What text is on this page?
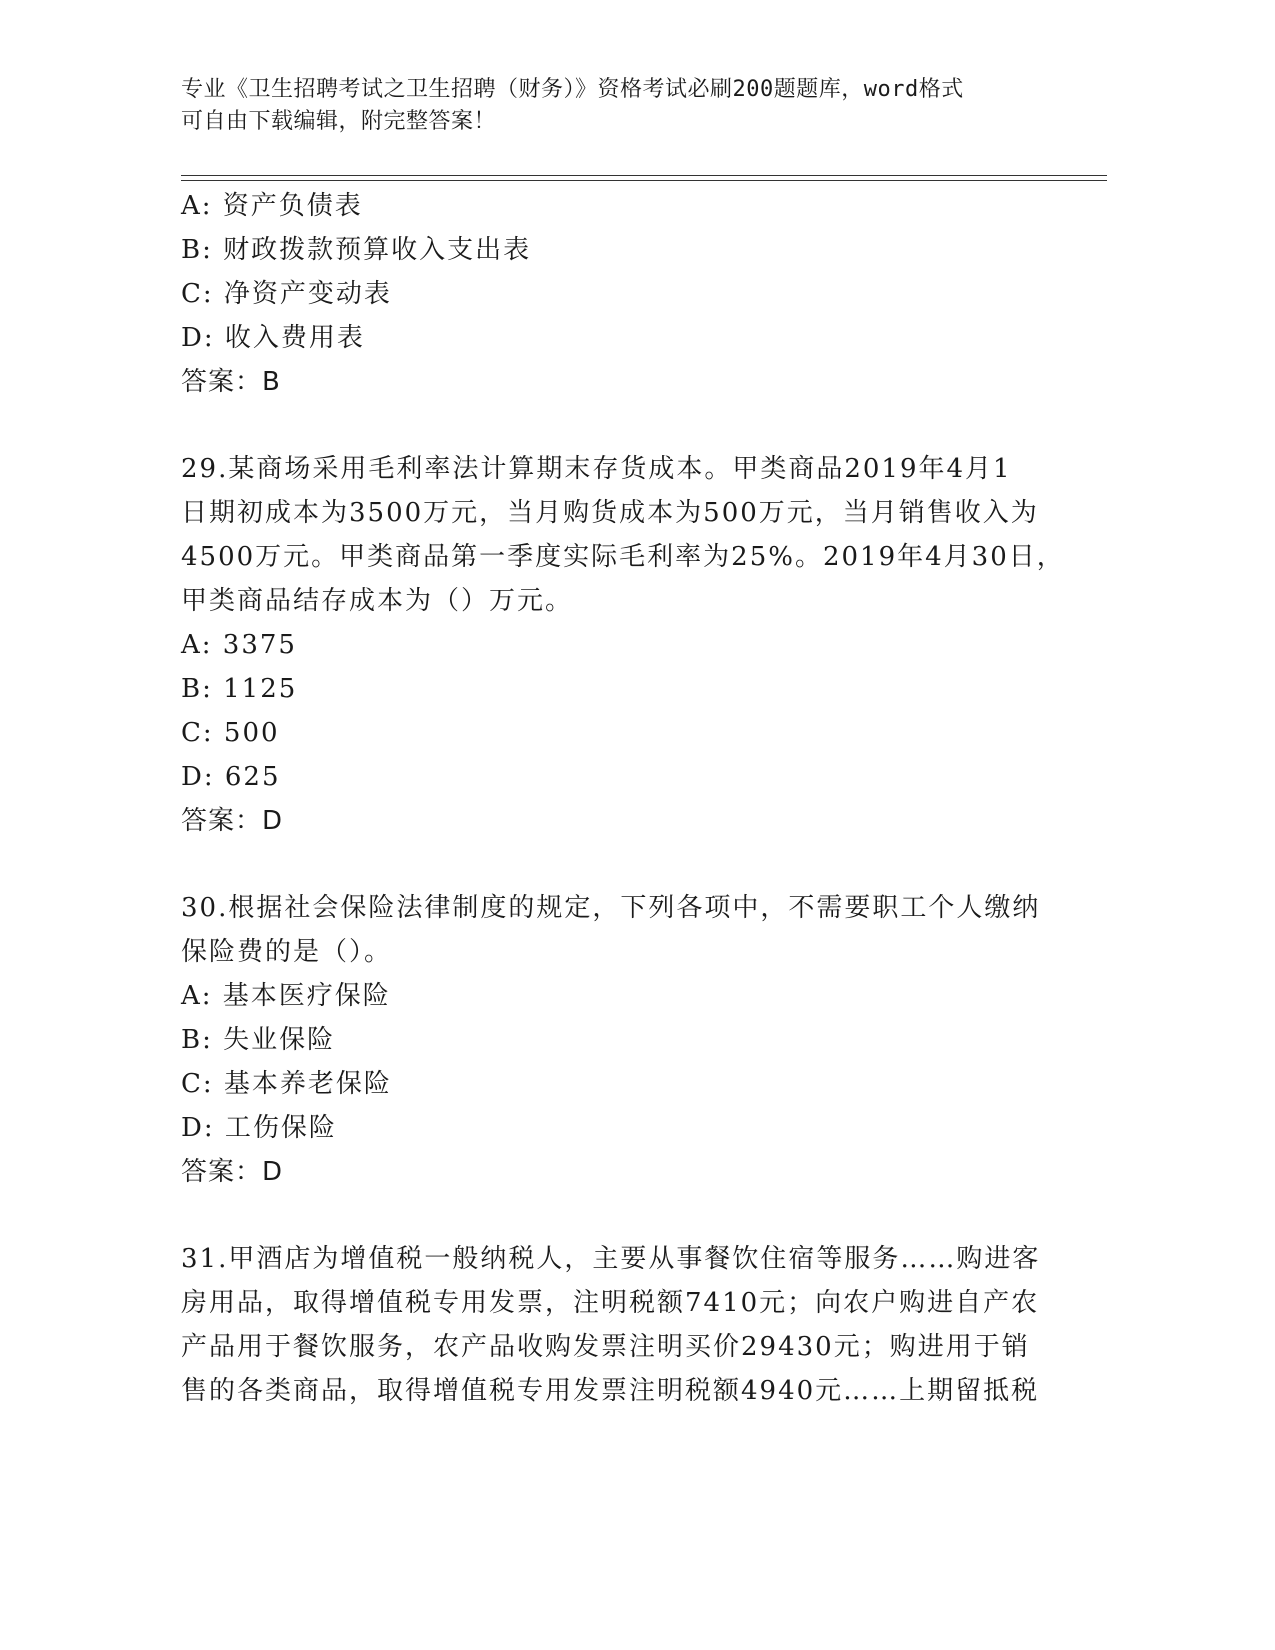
专业《卫生招聘考试之卫生招聘（财务）》资格考试必刷200题题库，word格式
可自由下载编辑，附完整答案！
A: 资产负债表
B: 财政拨款预算收入支出表
C: 净资产变动表
D: 收入费用表
答案：B
29.某商场采用毛利率法计算期末存货成本。甲类商品2019年4月1
日期初成本为3500万元，当月购货成本为500万元，当月销售收入为
4500万元。甲类商品第一季度实际毛利率为25%。2019年4月30日，
甲类商品结存成本为（）万元。
A: 3375
B: 1125
C: 500
D: 625
答案：D
30.根据社会保险法律制度的规定，下列各项中，不需要职工个人缴纳
保险费的是（）。
A: 基本医疗保险
B: 失业保险
C: 基本养老保险
D: 工伤保险
答案：D
31.甲酒店为增值税一般纳税人，主要从事餐饮住宿等服务……购进客
房用品，取得增值税专用发票，注明税额7410元；向农户购进自产农
产品用于餐饮服务，农产品收购发票注明买价29430元；购进用于销
售的各类商品，取得增值税专用发票注明税额4940元……上期留抵税
